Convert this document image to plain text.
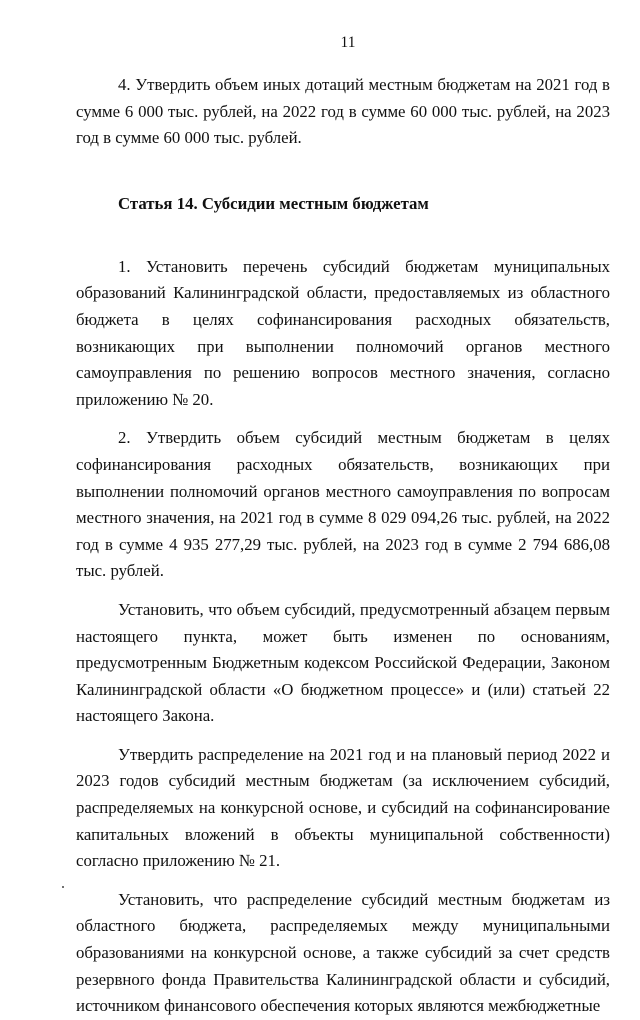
11

4. Утвердить объем иных дотаций местным бюджетам на 2021 год в сумме 6 000 тыс. рублей, на 2022 год в сумме 60 000 тыс. рублей, на 2023 год в сумме 60 000 тыс. рублей.

Статья 14. Субсидии местным бюджетам

1. Установить перечень субсидий бюджетам муниципальных образований Калининградской области, предоставляемых из областного бюджета в целях софинансирования расходных обязательств, возникающих при выполнении полномочий органов местного самоуправления по решению вопросов местного значения, согласно приложению № 20.

2. Утвердить объем субсидий местным бюджетам в целях софинансирования расходных обязательств, возникающих при выполнении полномочий органов местного самоуправления по вопросам местного значения, на 2021 год в сумме 8 029 094,26 тыс. рублей, на 2022 год в сумме 4 935 277,29 тыс. рублей, на 2023 год в сумме 2 794 686,08 тыс. рублей.

Установить, что объем субсидий, предусмотренный абзацем первым настоящего пункта, может быть изменен по основаниям, предусмотренным Бюджетным кодексом Российской Федерации, Законом Калининградской области «О бюджетном процессе» и (или) статьей 22 настоящего Закона.

Утвердить распределение на 2021 год и на плановый период 2022 и 2023 годов субсидий местным бюджетам (за исключением субсидий, распределяемых на конкурсной основе, и субсидий на софинансирование капитальных вложений в объекты муниципальной собственности) согласно приложению № 21.

Установить, что распределение субсидий местным бюджетам из областного бюджета, распределяемых между муниципальными образованиями на конкурсной основе, а также субсидий за счет средств резервного фонда Правительства Калининградской области и субсидий, источником финансового обеспечения которых являются межбюджетные
